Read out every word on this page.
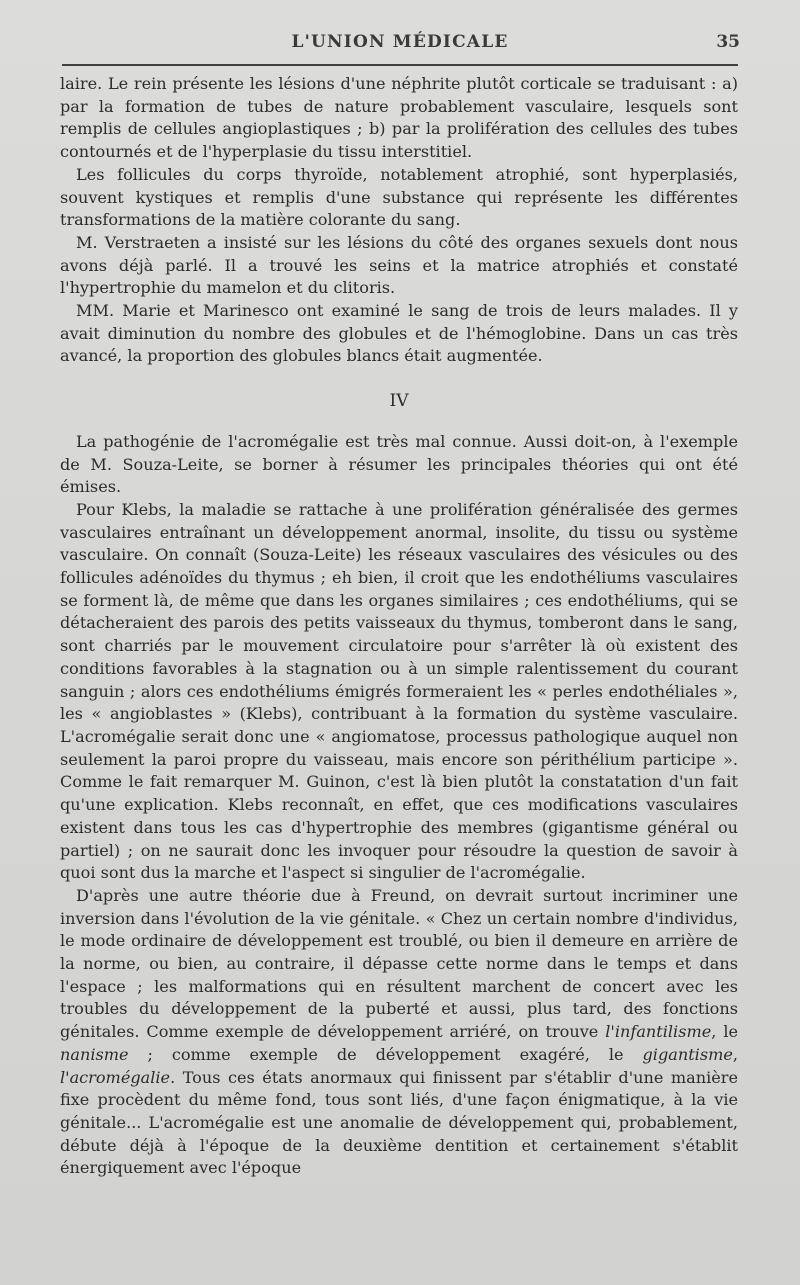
L'UNION MÉDICALE	35

laire. Le rein présente les lésions d'une néphrite plutôt corticale se traduisant : a) par la formation de tubes de nature probablement vasculaire, lesquels sont remplis de cellules angioplastiques ; b) par la prolifération des cellules des tubes contournés et de l'hyperplasie du tissu interstitiel.

Les follicules du corps thyroïde, notablement atrophié, sont hyperplasiés, souvent kystiques et remplis d'une substance qui représente les différentes transformations de la matière colorante du sang.

M. Verstraeten a insisté sur les lésions du côté des organes sexuels dont nous avons déjà parlé. Il a trouvé les seins et la matrice atrophiés et constaté l'hypertrophie du mamelon et du clitoris.

MM. Marie et Marinesco ont examiné le sang de trois de leurs malades. Il y avait diminution du nombre des globules et de l'hémoglobine. Dans un cas très avancé, la proportion des globules blancs était augmentée.

IV

La pathogénie de l'acromégalie est très mal connue. Aussi doit-on, à l'exemple de M. Souza-Leite, se borner à résumer les principales théories qui ont été émises.

Pour Klebs, la maladie se rattache à une prolifération généralisée des germes vasculaires entraînant un développement anormal, insolite, du tissu ou système vasculaire. On connaît (Souza-Leite) les réseaux vasculaires des vésicules ou des follicules adénoïdes du thymus ; eh bien, il croit que les endothéliums vasculaires se forment là, de même que dans les organes similaires ; ces endothéliums, qui se détacheraient des parois des petits vaisseaux du thymus, tomberont dans le sang, sont charriés par le mouvement circulatoire pour s'arrêter là où existent des conditions favorables à la stagnation ou à un simple ralentissement du courant sanguin ; alors ces endothéliums émigrés formeraient les « perles endothéliales », les « angioblastes » (Klebs), contribuant à la formation du système vasculaire. L'acromégalie serait donc une « angiomatose, processus pathologique auquel non seulement la paroi propre du vaisseau, mais encore son périthélium participe ». Comme le fait remarquer M. Guinon, c'est là bien plutôt la constatation d'un fait qu'une explication. Klebs reconnaît, en effet, que ces modifications vasculaires existent dans tous les cas d'hypertrophie des membres (gigantisme général ou partiel) ; on ne saurait donc les invoquer pour résoudre la question de savoir à quoi sont dus la marche et l'aspect si singulier de l'acromégalie.

D'après une autre théorie due à Freund, on devrait surtout incriminer une inversion dans l'évolution de la vie génitale. « Chez un certain nombre d'individus, le mode ordinaire de développement est troublé, ou bien il demeure en arrière de la norme, ou bien, au contraire, il dépasse cette norme dans le temps et dans l'espace ; les malformations qui en résultent marchent de concert avec les troubles du développement de la puberté et aussi, plus tard, des fonctions génitales. Comme exemple de développement arriéré, on trouve l'infantilisme, le nanisme ; comme exemple de développement exagéré, le gigantisme, l'acromégalie. Tous ces états anormaux qui finissent par s'établir d'une manière fixe procèdent du même fond, tous sont liés, d'une façon énigmatique, à la vie génitale... L'acromégalie est une anomalie de développement qui, probablement, débute déjà à l'époque de la deuxième dentition et certainement s'établit énergiquement avec l'époque
